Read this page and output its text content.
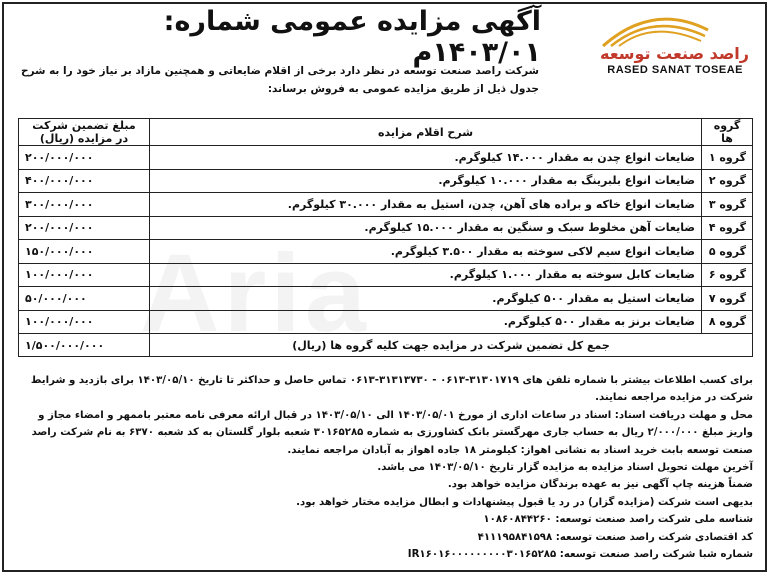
Aria
راصد صنعت توسعه
RASED SANAT TOSEAE
آگهی مزایده عمومی شماره: ۱۴۰۳/۰۱م
شرکت راصد صنعت توسعه در نظر دارد برخی از اقلام ضایعاتی و همچنین مازاد بر نیاز خود را به شرح جدول ذیل از طریق مزایده عمومی به فروش برساند:
گروه ها	شرح اقلام مزایده	مبلغ تضمین شرکت در مزایده (ریال)
گروه ۱	ضایعات انواع چدن به مقدار ۱۴.۰۰۰ کیلوگرم.	۲۰۰/۰۰۰/۰۰۰
گروه ۲	ضایعات انواع بلبرینگ به مقدار ۱۰.۰۰۰ کیلوگرم.	۴۰۰/۰۰۰/۰۰۰
گروه ۳	ضایعات انواع خاکه و براده های آهن، چدن، استیل به مقدار ۳۰.۰۰۰ کیلوگرم.	۳۰۰/۰۰۰/۰۰۰
گروه ۴	ضایعات آهن مخلوط سبک و سنگین به مقدار ۱۵.۰۰۰ کیلوگرم.	۲۰۰/۰۰۰/۰۰۰
گروه ۵	ضایعات انواع سیم لاکی سوخته به مقدار ۳.۵۰۰ کیلوگرم.	۱۵۰/۰۰۰/۰۰۰
گروه ۶	ضایعات کابل سوخته به مقدار ۱.۰۰۰ کیلوگرم.	۱۰۰/۰۰۰/۰۰۰
گروه ۷	ضایعات استیل به مقدار ۵۰۰ کیلوگرم.	۵۰/۰۰۰/۰۰۰
گروه ۸	ضایعات برنز به مقدار ۵۰۰ کیلوگرم.	۱۰۰/۰۰۰/۰۰۰
جمع کل تضمین شرکت در مزایده جهت کلیه گروه ها (ریال)		۱/۵۰۰/۰۰۰/۰۰۰

برای کسب اطلاعات بیشتر با شماره تلفن های ۳۱۳۰۱۷۱۹-۰۶۱۳ - ۳۱۳۱۳۷۳۰-۰۶۱۳ تماس حاصل و حداکثر تا تاریخ ۱۴۰۳/۰۵/۱۰ برای بازدید و شرایط شرکت در مزایده مراجعه نمایند.

محل و مهلت دریافت اسناد: اسناد در ساعات اداری از مورخ ۱۴۰۳/۰۵/۰۱ الی ۱۴۰۳/۰۵/۱۰ در قبال ارائه معرفی نامه معتبر باممهر و امضاء مجاز و واریز مبلغ ۲/۰۰۰/۰۰۰ ریال به حساب جاری مهرگستر بانک کشاورزی به شماره ۳۰۱۶۵۲۸۵ شعبه بلوار گلستان به کد شعبه ۶۳۷۰ به نام شرکت راصد صنعت توسعه بابت خرید اسناد به نشانی اهواز: کیلومتر ۱۸ جاده اهواز به آبادان مراجعه نمایند.

آخرین مهلت تحویل اسناد مزایده به مزایده گزار تاریخ ۱۴۰۳/۰۵/۱۰ می باشد.

ضمناً هزینه چاپ آگهی نیز به عهده برندگان مزایده خواهد بود.

بدیهی است شرکت (مزایده گزار) در رد یا قبول پیشنهادات و ابطال مزایده مختار خواهد بود.

شناسه ملی شرکت راصد صنعت توسعه: ۱۰۸۶۰۸۴۴۲۶۰

کد اقتصادی شرکت راصد صنعت توسعه: ۴۱۱۱۹۵۸۴۱۵۹۸

شماره شبا شرکت راصد صنعت توسعه: IR۱۶۰۱۶۰۰۰۰۰۰۰۰۰۳۰۱۶۵۲۸۵
